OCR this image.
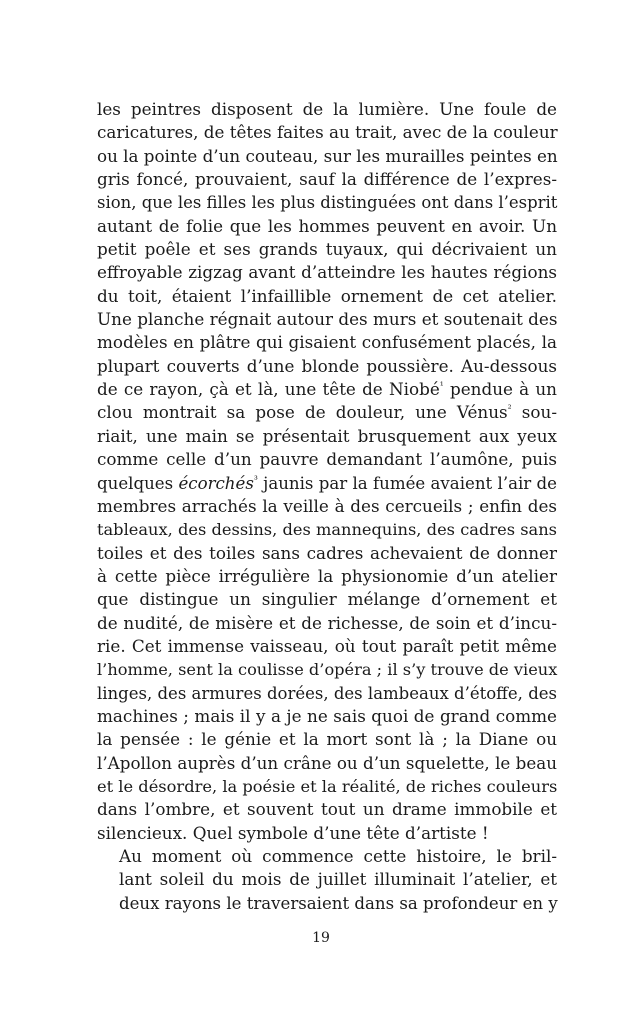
les peintres disposent de la lumière. Une foule de
caricatures, de têtes faites au trait, avec de la couleur
ou la pointe d’un couteau, sur les murailles peintes en
gris foncé, prouvaient, sauf la différence de l’expres-
sion, que les filles les plus distinguées ont dans l’esprit
autant de folie que les hommes peuvent en avoir. Un
petit poêle et ses grands tuyaux, qui décrivaient un
effroyable zigzag avant d’atteindre les hautes régions
du toit, étaient l’infaillible ornement de cet atelier.
Une planche régnait autour des murs et soutenait des
modèles en plâtre qui gisaient confusément placés, la
plupart couverts d’une blonde poussière. Au-dessous
de ce rayon, çà et là, une tête de Niobé$^{^1}$ pendue à un
clou montrait sa pose de douleur, une Vénus$^{^2}$ sou-
riait, une main se présentait brusquement aux yeux
comme celle d’un pauvre demandant l’aumône, puis
quelques écorchés$^{^3}$ jaunis par la fumée avaient l’air de
membres arrachés la veille à des cercueils ; enfin des
tableaux, des dessins, des mannequins, des cadres sans
toiles et des toiles sans cadres achevaient de donner
à cette pièce irrégulière la physionomie d’un atelier
que distingue un singulier mélange d’ornement et
de nudité, de misère et de richesse, de soin et d’incu-
rie. Cet immense vaisseau, où tout paraît petit même
l’homme, sent la coulisse d’opéra ; il s’y trouve de vieux
linges, des armures dorées, des lambeaux d’étoffe, des
machines ; mais il y a je ne sais quoi de grand comme
la pensée : le génie et la mort sont là ; la Diane ou
l’Apollon auprès d’un crâne ou d’un squelette, le beau
et le désordre, la poésie et la réalité, de riches couleurs
dans l’ombre, et souvent tout un drame immobile et
silencieux. Quel symbole d’une tête d’artiste !

Au moment où commence cette histoire, le bril-
lant soleil du mois de juillet illuminait l’atelier, et
deux rayons le traversaient dans sa profondeur en y

19
